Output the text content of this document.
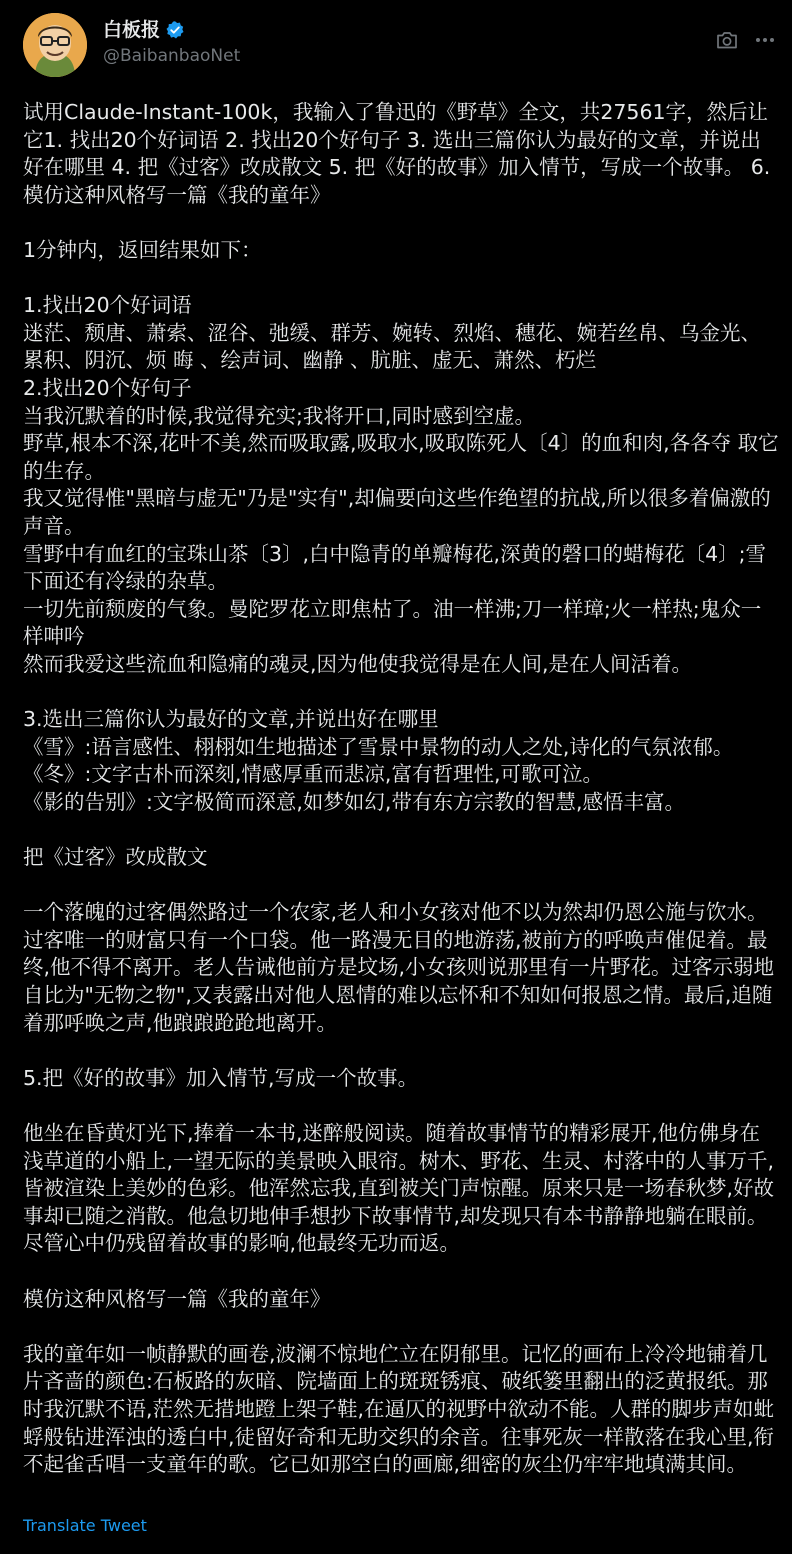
白板报
@BaibanbaoNet
试用Claude-Instant-100k，我输入了鲁迅的《野草》全文，共27561字，然后让它1. 找出20个好词语 2. 找出20个好句子 3. 选出三篇你认为最好的文章，并说出好在哪里 4. 把《过客》改成散文 5. 把《好的故事》加入情节，写成一个故事。 6. 模仿这种风格写一篇《我的童年》

1分钟内，返回结果如下：

1.找出20个好词语
迷茫、颓唐、萧索、涩谷、弛缓、群芳、婉转、烈焰、穗花、婉若丝帛、乌金光、累积、阴沉、烦 晦 、绘声词、幽静 、肮脏、虚无、萧然、朽烂
2.找出20个好句子
当我沉默着的时候,我觉得充实;我将开口,同时感到空虚。
野草,根本不深,花叶不美,然而吸取露,吸取水,吸取陈死人〔4〕的血和肉,各各夺 取它的生存。
我又觉得惟"黑暗与虚无"乃是"实有",却偏要向这些作绝望的抗战,所以很多着偏激的声音。
雪野中有血红的宝珠山茶〔3〕,白中隐青的单瓣梅花,深黄的磬口的蜡梅花〔4〕;雪下面还有冷绿的杂草。
一切先前颓废的气象。曼陀罗花立即焦枯了。油一样沸;刀一样璋;火一样热;鬼众一样呻吟
然而我爱这些流血和隐痛的魂灵,因为他使我觉得是在人间,是在人间活着。

3.选出三篇你认为最好的文章,并说出好在哪里
《雪》:语言感性、栩栩如生地描述了雪景中景物的动人之处,诗化的气氛浓郁。
《冬》:文字古朴而深刻,情感厚重而悲凉,富有哲理性,可歌可泣。
《影的告别》:文字极简而深意,如梦如幻,带有东方宗教的智慧,感悟丰富。

把《过客》改成散文

一个落魄的过客偶然路过一个农家,老人和小女孩对他不以为然却仍恩公施与饮水。过客唯一的财富只有一个口袋。他一路漫无目的地游荡,被前方的呼唤声催促着。最终,他不得不离开。老人告诫他前方是坟场,小女孩则说那里有一片野花。过客示弱地自比为"无物之物",又表露出对他人恩情的难以忘怀和不知如何报恩之情。最后,追随着那呼唤之声,他踉踉跄跄地离开。

5.把《好的故事》加入情节,写成一个故事。

他坐在昏黄灯光下,捧着一本书,迷醉般阅读。随着故事情节的精彩展开,他仿佛身在浅草道的小船上,一望无际的美景映入眼帘。树木、野花、生灵、村落中的人事万千,皆被渲染上美妙的色彩。他浑然忘我,直到被关门声惊醒。原来只是一场春秋梦,好故事却已随之消散。他急切地伸手想抄下故事情节,却发现只有本书静静地躺在眼前。尽管心中仍残留着故事的影响,他最终无功而返。

模仿这种风格写一篇《我的童年》

我的童年如一帧静默的画卷,波澜不惊地伫立在阴郁里。记忆的画布上冷冷地铺着几片吝啬的颜色:石板路的灰暗、院墙面上的斑斑锈痕、破纸篓里翻出的泛黄报纸。那时我沉默不语,茫然无措地蹬上架子鞋,在逼仄的视野中欲动不能。人群的脚步声如蚍蜉般钻进浑浊的透白中,徒留好奇和无助交织的余音。往事死灰一样散落在我心里,衔不起雀舌唱一支童年的歌。它已如那空白的画廊,细密的灰尘仍牢牢地填满其间。
Translate Tweet
